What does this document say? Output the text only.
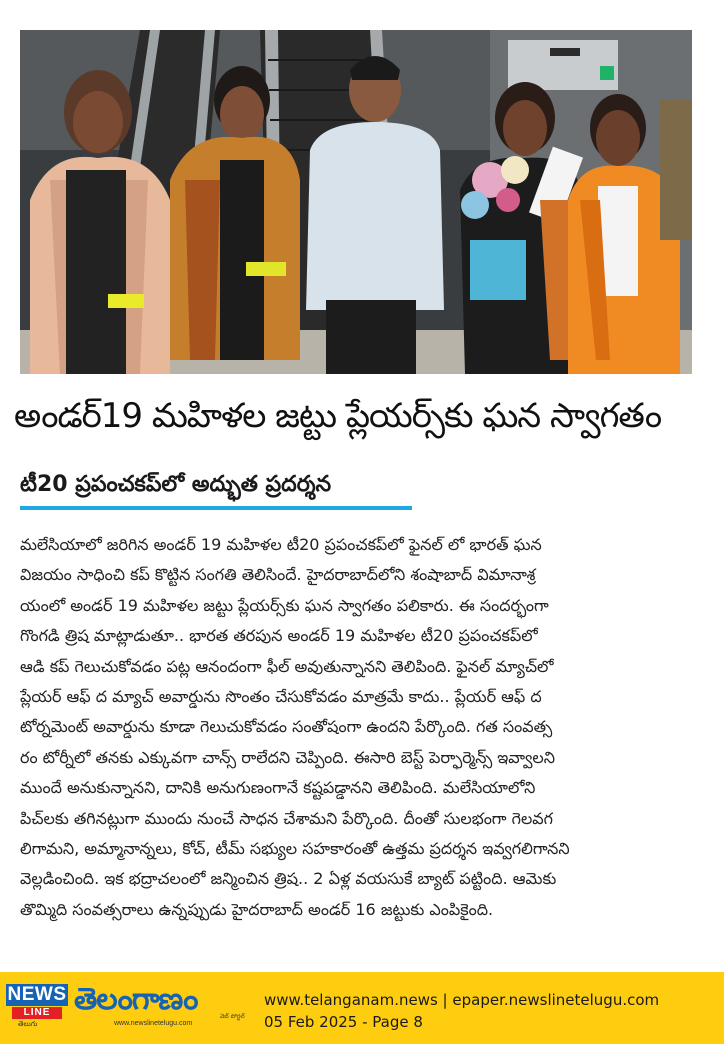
అండర్19 మహిళల జట్టు ప్లేయర్స్‌కు ఘన స్వాగతం
టీ20 ప్రపంచకప్‌లో అద్భుత ప్రదర్శన
మలేసియాలో జరిగిన అండర్ 19 మహిళల టీ20 ప్రపంచకప్‌లో ఫైనల్ లో భారత్ ఘన
విజయం సాధించి కప్ కొట్టిన సంగతి తెలిసిందే. హైదరాబాద్‌లోని శంషాబాద్ విమానాశ్ర
యంలో అండర్ 19 మహిళల జట్టు ప్లేయర్స్‌కు ఘన స్వాగతం పలికారు. ఈ సందర్భంగా
గొంగడి త్రిష మాట్లాడుతూ.. భారత తరపున అండర్ 19 మహిళల టీ20 ప్రపంచకప్‌లో
ఆడి కప్ గెలుచుకోవడం పట్ల ఆనందంగా ఫీల్ అవుతున్నానని తెలిపింది. ఫైనల్ మ్యాచ్‌లో
ప్లేయర్ ఆఫ్ ద మ్యాచ్ అవార్డును సొంతం చేసుకోవడం మాత్రమే కాదు.. ప్లేయర్ ఆఫ్ ద
టోర్నమెంట్ అవార్డును కూడా గెలుచుకోవడం సంతోషంగా ఉందని పేర్కొంది. గత సంవత్స
రం టోర్నీలో తనకు ఎక్కువగా చాన్స్ రాలేదని చెప్పింది. ఈసారి బెస్ట్ పెర్ఫార్మెన్స్ ఇవ్వాలని
ముందే అనుకున్నానని, దానికి అనుగుణంగానే కష్టపడ్డానని తెలిపింది. మలేసియాలోని
పిచ్‌లకు తగినట్లుగా ముందు నుంచే సాధన చేశామని పేర్కొంది. దీంతో సులభంగా గెలవగ
లిగామని, అమ్మానాన్నలు, కోచ్, టీమ్ సభ్యుల సహకారంతో ఉత్తమ ప్రదర్శన ఇవ్వగలిగానని
వెల్లడించింది. ఇక భద్రాచలంలో జన్మించిన త్రిష.. 2 ఏళ్ల వయసుకే బ్యాట్ పట్టింది. ఆమెకు
తొమ్మిది సంవత్సరాలు ఉన్నప్పుడు హైదరాబాద్ అండర్ 16 జట్టుకు ఎంపికైంది.
NEWS
LINE
తెలుగు
తెలంగాణం	వెబ్ పోర్టల్
www.newslinetelugu.com
www.telanganam.news | epaper.newslinetelugu.com
05 Feb 2025 - Page 8
